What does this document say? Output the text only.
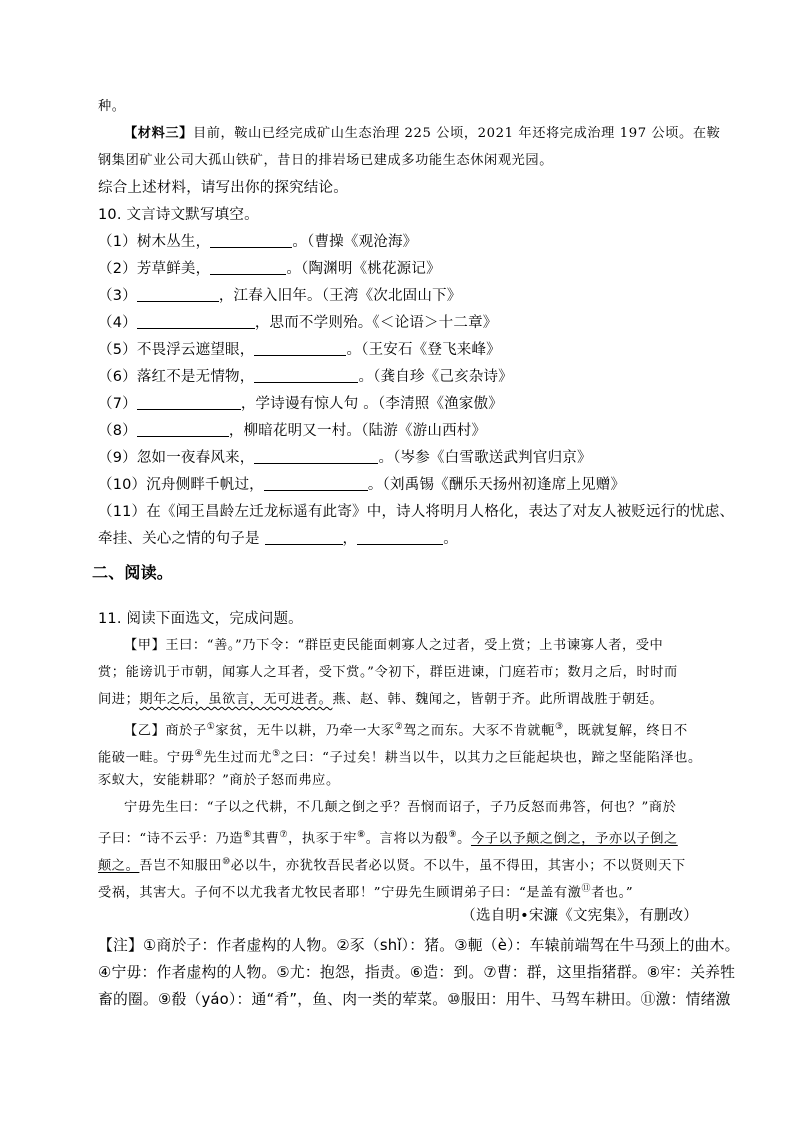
种。
【材料三】目前，鞍山已经完成矿山生态治理 225 公顷，2021 年还将完成治理 197 公顷。在鞍
钢集团矿业公司大孤山铁矿，昔日的排岩场已建成多功能生态休闲观光园。
综合上述材料，请写出你的探究结论。
10. 文言诗文默写填空。
（1）树木丛生，	。（曹操《观沧海》
（2）芳草鲜美，	。（陶渊明《桃花源记》
（3）	，江春入旧年。（王湾《次北固山下》
（4）	，思而不学则殆。《＜论语＞十二章》
（5）不畏浮云遮望眼，	。（王安石《登飞来峰》
（6）落红不是无情物，	。（龚自珍《己亥杂诗》
（7）	，学诗谩有惊人句 。（李清照《渔家傲》
（8）	，柳暗花明又一村。（陆游《游山西村》
（9）忽如一夜春风来，	。（岑参《白雪歌送武判官归京》
（10）沉舟侧畔千帆过，	。（刘禹锡《酬乐天扬州初逢席上见赠》
（11）在《闻王昌龄左迁龙标遥有此寄》中，诗人将明月人格化，表达了对友人被贬远行的忧虑、
牵挂、关心之情的句子是	，	。
二、阅读。
11. 阅读下面选文，完成问题。
【甲】王曰：“善。”乃下令：“群臣吏民能面刺寡人之过者，受上赏；上书谏寡人者，受中
赏；能谤讥于市朝，闻寡人之耳者，受下赏。”令初下，群臣进谏，门庭若市；数月之后，时时而
间进；期年之后，虽欲言，无可进者。燕、赵、韩、魏闻之，皆朝于齐。此所谓战胜于朝廷。
【乙】商於子①家贫，无牛以耕，乃牵一大豕②驾之而东。大豕不肯就軛③，既就复解，终日不
能破一畦。宁毋④先生过而尤⑤之曰：“子过矣！耕当以牛，以其力之巨能起块也，蹄之坚能陷泽也。
豕蚁大，安能耕耶？”商於子怒而弗应。
宁毋先生曰：“子以之代耕，不几颠之倒之乎？吾悯而诏子，子乃反怒而弗答，何也？”商於
子曰：“诗不云乎：乃造⑥其曹⑦，执豕于牢⑧。言将以为殽⑨。今子以予颠之倒之，予亦以子倒之
颠之。吾岂不知服田⑩必以牛，亦犹牧吾民者必以贤。不以牛，虽不得田，其害小；不以贤则天下
受祸，其害大。子何不以尤我者尤牧民者耶！”宁毋先生顾谓弟子曰：“是盖有激⑪者也。”
（选自明•宋濂《文宪集》，有删改）
【注】①商於子：作者虚构的人物。②豕（shǐ）：猪。③軛（è）：车辕前端驾在牛马颈上的曲木。
④宁毋：作者虚构的人物。⑤尤：抱怨，指责。⑥造：到。⑦曹：群，这里指猪群。⑧牢：关养牲
畜的圈。⑨殽（yáo）：通“肴”，鱼、肉一类的荤菜。⑩服田：用牛、马驾车耕田。⑪激：情绪激
